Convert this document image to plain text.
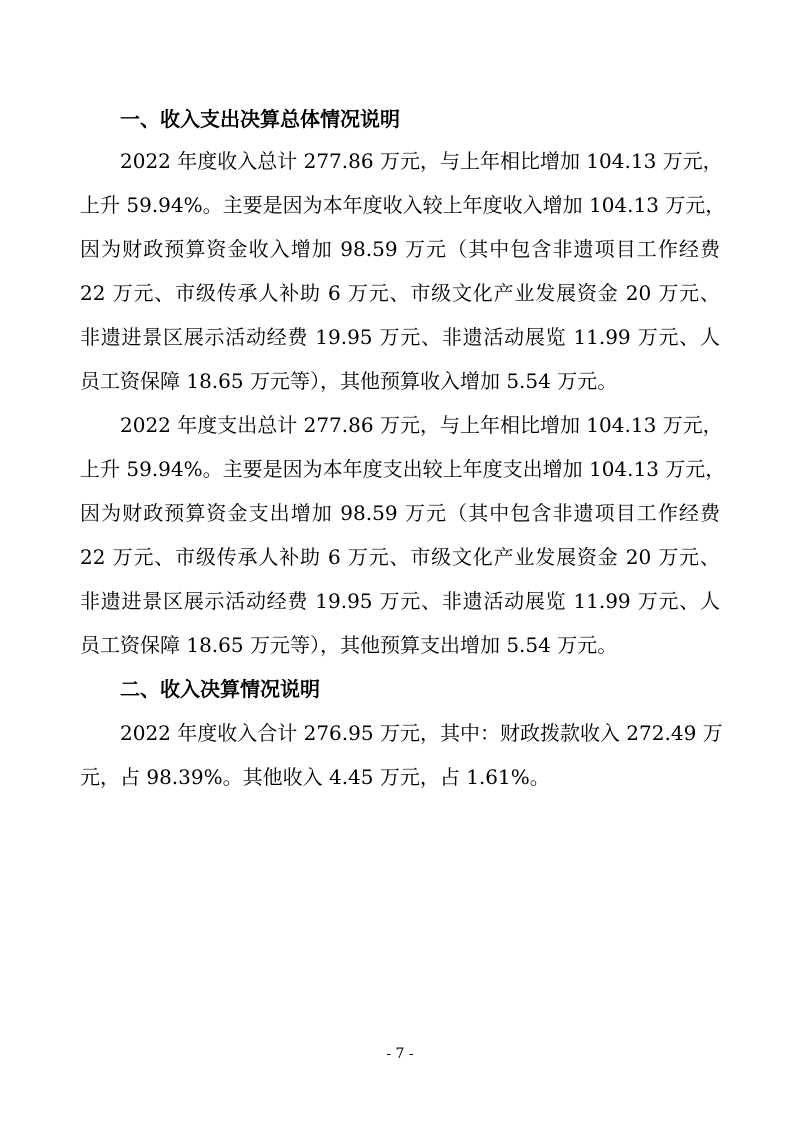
一、收入支出决算总体情况说明
2022 年度收入总计 277.86 万元，与上年相比增加 104.13 万元，
上升 59.94%。主要是因为本年度收入较上年度收入增加 104.13 万元，
因为财政预算资金收入增加 98.59 万元（其中包含非遗项目工作经费
22 万元、市级传承人补助 6 万元、市级文化产业发展资金 20 万元、
非遗进景区展示活动经费 19.95 万元、非遗活动展览 11.99 万元、人
员工资保障 18.65 万元等），其他预算收入增加 5.54 万元。
2022 年度支出总计 277.86 万元，与上年相比增加 104.13 万元，
上升 59.94%。主要是因为本年度支出较上年度支出增加 104.13 万元，
因为财政预算资金支出增加 98.59 万元（其中包含非遗项目工作经费
22 万元、市级传承人补助 6 万元、市级文化产业发展资金 20 万元、
非遗进景区展示活动经费 19.95 万元、非遗活动展览 11.99 万元、人
员工资保障 18.65 万元等），其他预算支出增加 5.54 万元。
二、收入决算情况说明
2022 年度收入合计 276.95 万元，其中：财政拨款收入 272.49 万
元，占 98.39%。其他收入 4.45 万元，占 1.61%。
- 7 -
